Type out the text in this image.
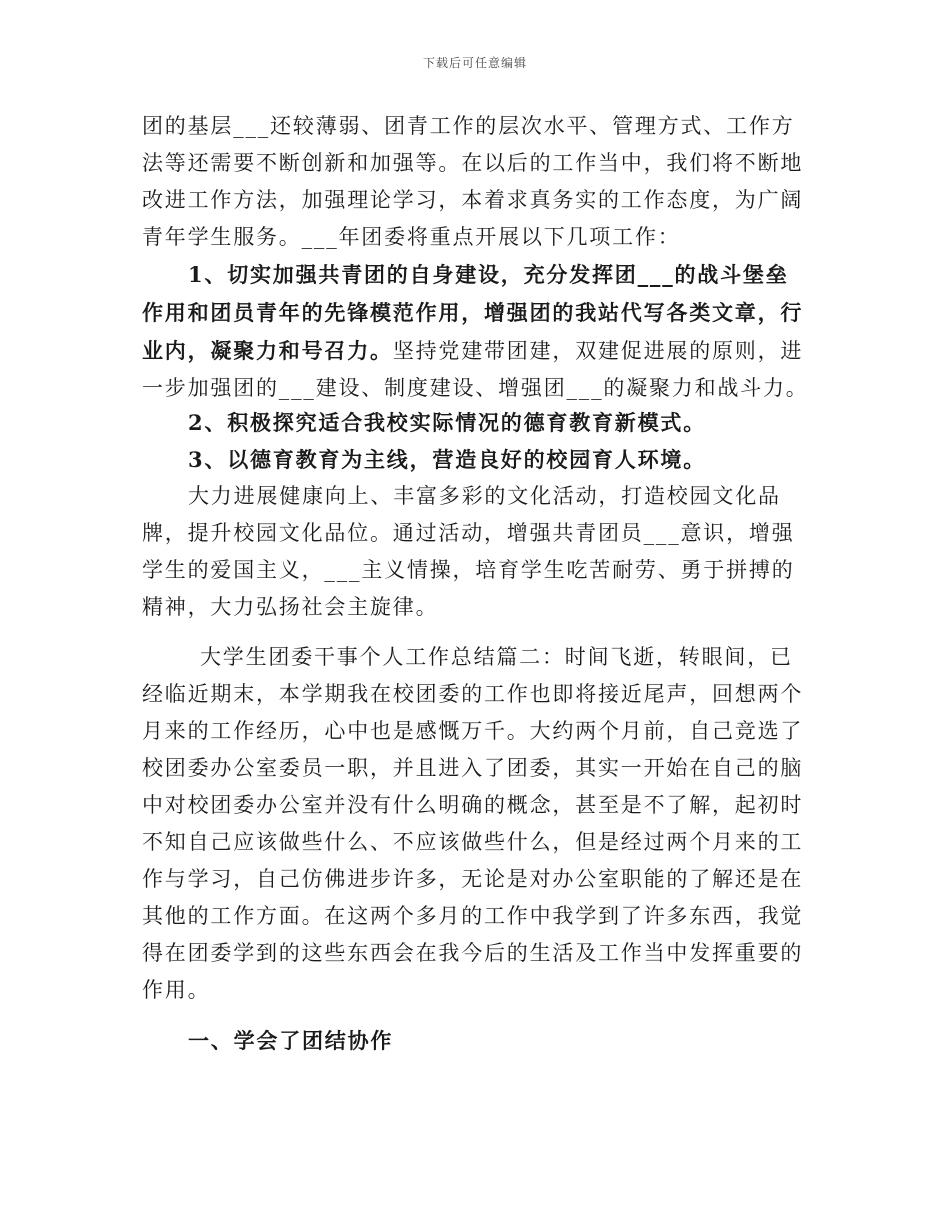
下载后可任意编辑

团的基层___还较薄弱、团青工作的层次水平、管理方式、工作方法等还需要不断创新和加强等。在以后的工作当中，我们将不断地改进工作方法，加强理论学习，本着求真务实的工作态度，为广阔青年学生服务。___年团委将重点开展以下几项工作：

1、切实加强共青团的自身建设，充分发挥团___的战斗堡垒作用和团员青年的先锋模范作用，增强团的我站代写各类文章，行业内，凝聚力和号召力。坚持党建带团建，双建促进展的原则，进一步加强团的___建设、制度建设、增强团___的凝聚力和战斗力。

2、积极探究适合我校实际情况的德育教育新模式。

3、以德育教育为主线，营造良好的校园育人环境。

大力进展健康向上、丰富多彩的文化活动，打造校园文化品牌，提升校园文化品位。通过活动，增强共青团员___意识，增强学生的爱国主义，___主义情操，培育学生吃苦耐劳、勇于拼搏的精神，大力弘扬社会主旋律。

大学生团委干事个人工作总结篇二：时间飞逝，转眼间，已经临近期末，本学期我在校团委的工作也即将接近尾声，回想两个月来的工作经历，心中也是感慨万千。大约两个月前，自己竞选了校团委办公室委员一职，并且进入了团委，其实一开始在自己的脑中对校团委办公室并没有什么明确的概念，甚至是不了解，起初时不知自己应该做些什么、不应该做些什么，但是经过两个月来的工作与学习，自己仿佛进步许多，无论是对办公室职能的了解还是在其他的工作方面。在这两个多月的工作中我学到了许多东西，我觉得在团委学到的这些东西会在我今后的生活及工作当中发挥重要的作用。

一、学会了团结协作
